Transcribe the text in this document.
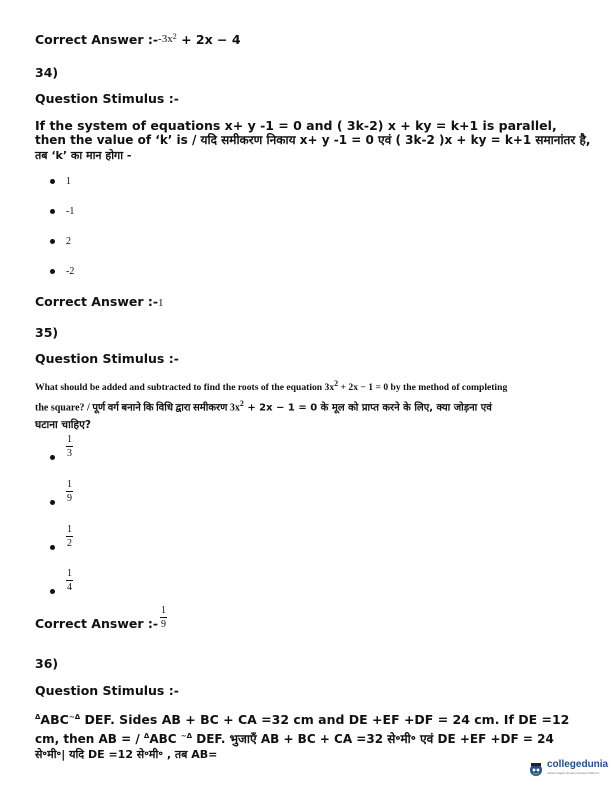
Correct Answer $:--3x^2 + 2x - 4$
34)
Question Stimulus :-
If the system of equations x+ y -1 = 0 and ( 3k-2) x + ky = k+1 is parallel,
then the value of ‘k’ is / यदि समीकरण निकाय x+ y -1 = 0 एवं ( 3k-2 )x + ky = k+1 समानांतर है,
तब ‘k’ का मान होगा -
1
-1
2
-2
Correct Answer :-1
35)
Question Stimulus :-
What should be added and subtracted to find the roots of the equation $3x^2 + 2x - 1 = 0$ by the method of completing
the square? / पूर्ण वर्ग बनाने कि विधि द्वारा समीकरण $3x^2 + 2x - 1 = 0$ के मूल को प्राप्त करने के लिए, क्या जोड़ना एवं
घटाना चाहिए?
$\frac{1}{3}$
$\frac{1}{9}$
$\frac{1}{2}$
$\frac{1}{4}$
Correct Answer :- $\frac{1}{9}$
36)
Question Stimulus :-
$^\Delta ABC^{\sim\Delta}$ DEF. Sides AB + BC + CA =32 cm and DE +EF +DF = 24 cm. If DE =12
cm, then AB = / $^\Delta$ABC $^{\sim\Delta}$ DEF. भुजाएँ AB + BC + CA =32 से॰मी॰ एवं DE +EF +DF = 24
से॰मी॰| यदि DE =12 से॰मी॰ , तब AB=
collegedunia
India's largest Student Review Platform
